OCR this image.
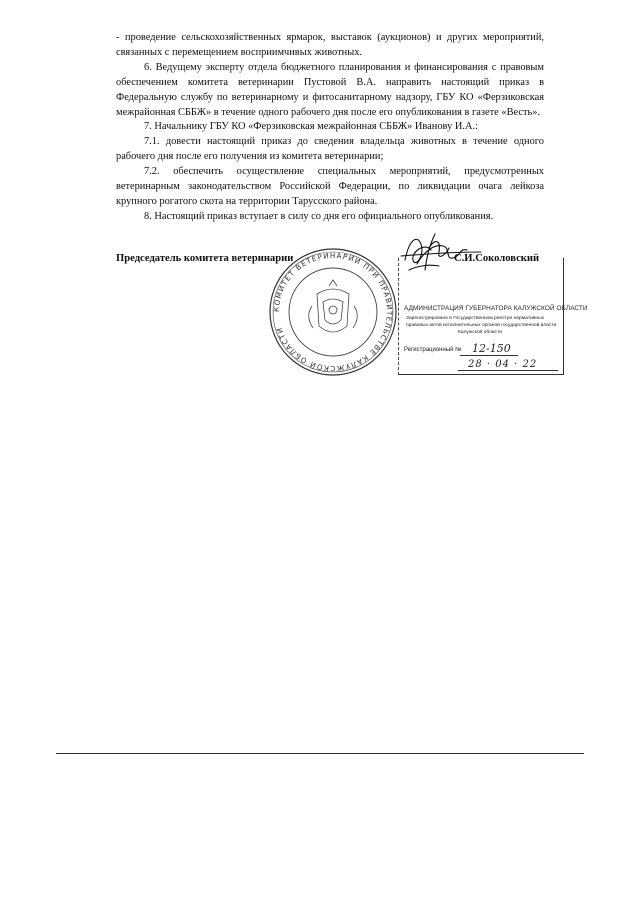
- проведение сельскохозяйственных ярмарок, выставок (аукционов) и других мероприятий, связанных с перемещением восприимчивых животных.

6. Ведущему эксперту отдела бюджетного планирования и финансирования с правовым обеспечением комитета ветеринарии Пустовой В.А. направить настоящий приказ в Федеральную службу по ветеринарному и фитосанитарному надзору, ГБУ КО «Ферзиковская межрайонная СББЖ» в течение одного рабочего дня после его опубликования в газете «Весть».

7. Начальнику ГБУ КО «Ферзиковская межрайонная СББЖ» Иванову И.А.:

7.1. довести настоящий приказ до сведения владельца животных в течение одного рабочего дня после его получения из комитета ветеринарии;

7.2. обеспечить осуществление специальных мероприятий, предусмотренных ветеринарным законодательством Российской Федерации, по ликвидации очага лейкоза крупного рогатого скота на территории Тарусского района.

8. Настоящий приказ вступает в силу со дня его официального опубликования.

Председатель комитета ветеринарии
КОМИТЕТ ВЕТЕРИНАРИИ ПРИ ПРАВИТЕЛЬСТВЕ КАЛУЖСКОЙ ОБЛАСТИ
С.И.Соколовский
АДМИНИСТРАЦИЯ ГУБЕРНАТОРА КАЛУЖСКОЙ ОБЛАСТИ
Зарегистрировано в Государственном реестре нормативных
правовых актов исполнительных органов государственной власти
Калужской области
Регистрационный № 12-150
28 · 04 · 22
